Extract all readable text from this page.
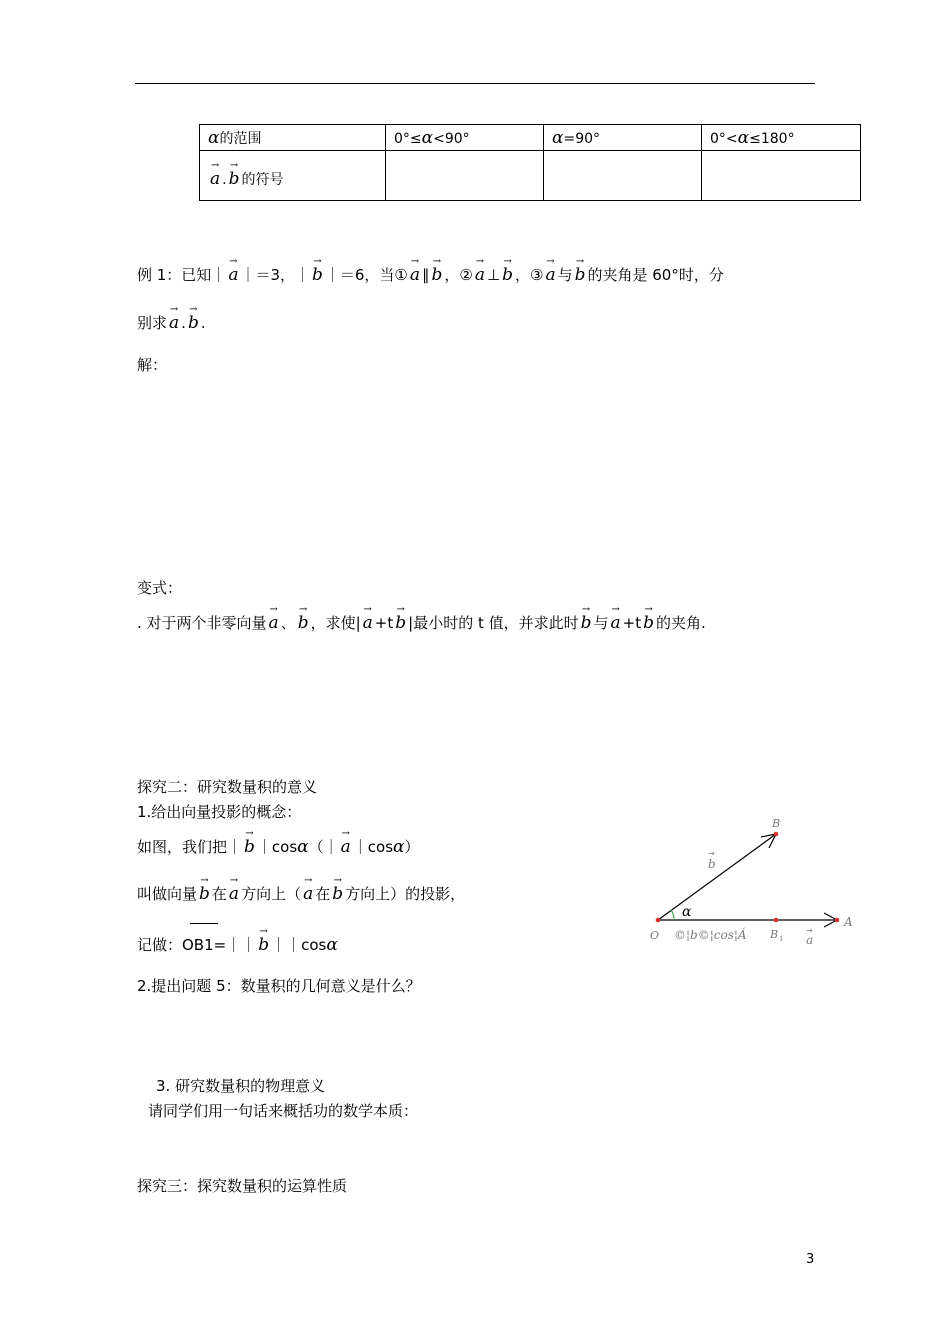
α的范围	0°≤α<90°	α=90°	0°<α≤180°
→ a . → b 的符号			
例 1：已知｜ → a ｜＝3，｜ → b ｜＝6，当① → a ∥ → b ，② → a ⊥ → b ，③ → a 与 → b 的夹角是 60°时，分
别求 → a . → b .
解：
变式：
. 对于两个非零向量 → a 、 → b ，求使| → a +t → b |最小时的 t 值，并求此时 → b 与 → a +t → b 的夹角.
探究二：研究数量积的意义
1.给出向量投影的概念：
如图，我们把｜ → b ｜cosα（｜ → a ｜cosα）
叫做向量 → b 在 → a 方向上（ → a 在 → b 方向上）的投影，
记做：OB1=｜｜ → b ｜｜cosα
2.提出问题 5：数量积的几何意义是什么？
3. 研究数量积的物理意义
请同学们用一句话来概括功的数学本质：
探究三：探究数量积的运算性质
B
O
A
B 1
α
b
→
a
→
©¦b©¦cos¦Á
3
